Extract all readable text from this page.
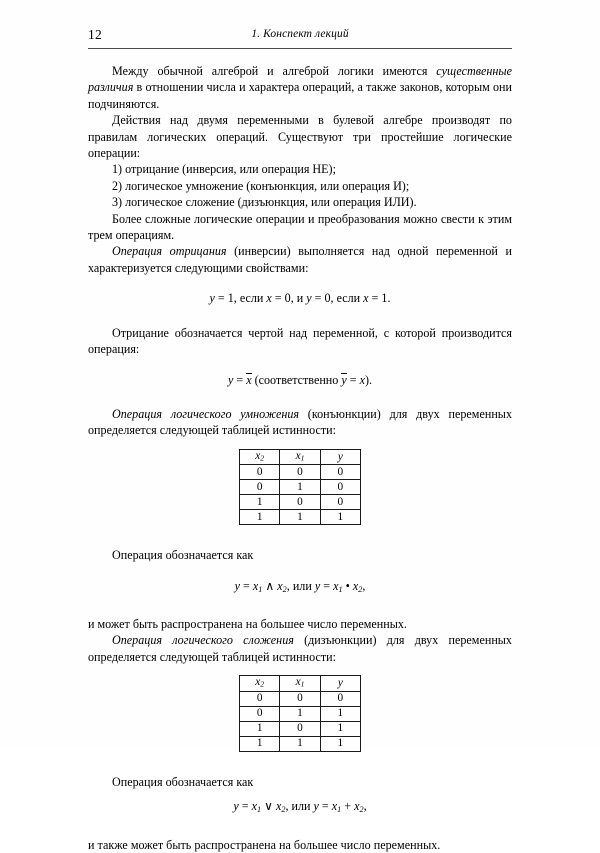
12	1. Конспект лекций

Между обычной алгеброй и алгеброй логики имеются существенные различия в отношении числа и характера операций, а также законов, которым они подчиняются.

Действия над двумя переменными в булевой алгебре производят по правилам логических операций. Существуют три простейшие логические операции:

1) отрицание (инверсия, или операция НЕ);

2) логическое умножение (конъюнкция, или операция И);

3) логическое сложение (дизъюнкция, или операция ИЛИ).

Более сложные логические операции и преобразования можно свести к этим трем операциям.

Операция отрицания (инверсии) выполняется над одной переменной и характеризуется следующими свойствами:

y = 1, если x = 0, и y = 0, если x = 1.

Отрицание обозначается чертой над переменной, с которой производится операция:

y = x (соответственно y = x).

Операция логического умножения (конъюнкции) для двух переменных определяется следующей таблицей истинности:

$x_2$	$x_1$	y
0	0	0
0	1	0
1	0	0
1	1	1

Операция обозначается как

$y = x_1$ ∧ $x_2$, или $y = x_1$ • $x_2$,

и может быть распространена на большее число переменных.

Операция логического сложения (дизъюнкции) для двух переменных определяется следующей таблицей истинности:

$x_2$	$x_1$	y
0	0	0
0	1	1
1	0	1
1	1	1

Операция обозначается как

$y = x_1$ ∨ $x_2$, или $y = x_1 + x_2$,

и также может быть распространена на большее число переменных.
